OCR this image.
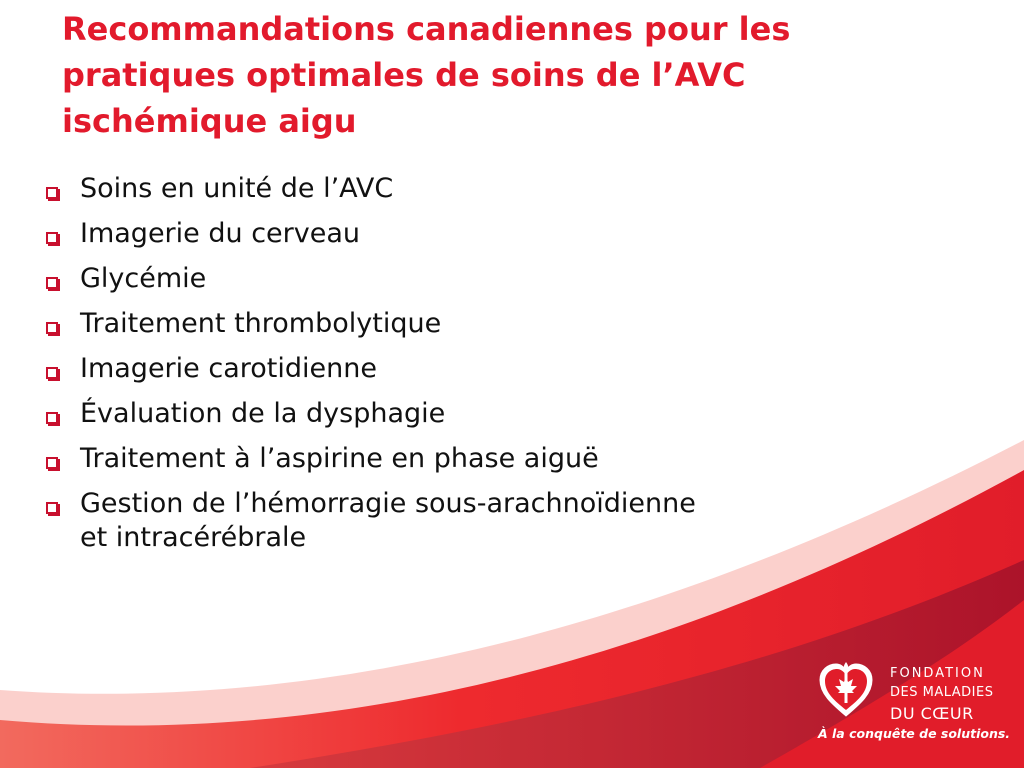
Recommandations canadiennes pour les
pratiques optimales de soins de l’AVC
ischémique aigu
Soins en unité de l’AVC
Imagerie du cerveau
Glycémie
Traitement thrombolytique
Imagerie carotidienne
Évaluation de la dysphagie
Traitement à l’aspirine en phase aiguë
Gestion de l’hémorragie sous-arachnoïdienne
et intracérébrale
FONDATION
DES MALADIES
DU CŒUR
À la conquête de solutions.
